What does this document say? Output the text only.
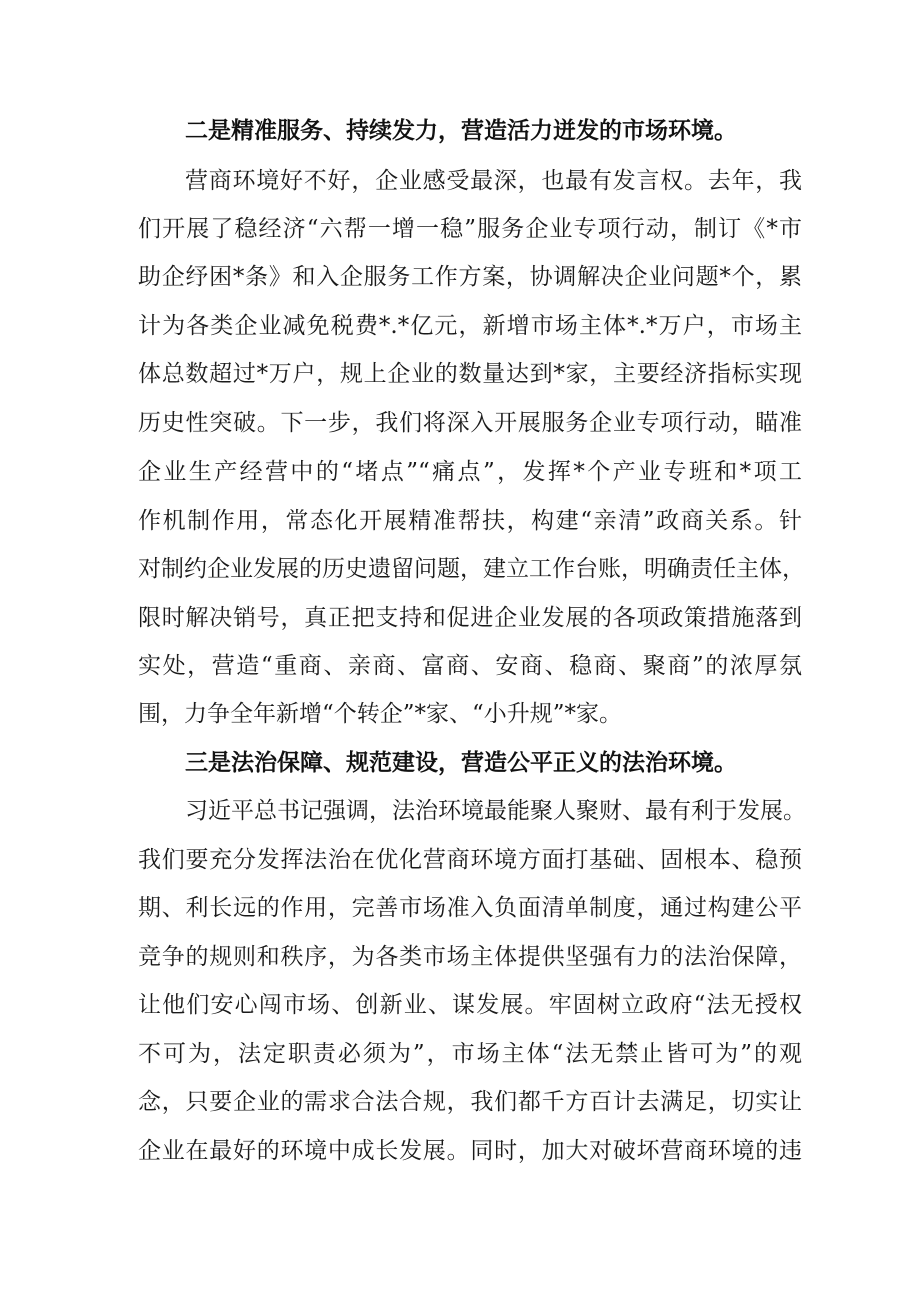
二是精准服务、持续发力，营造活力迸发的市场环境。
营商环境好不好，企业感受最深，也最有发言权。去年，我
们开展了稳经济“六帮一增一稳”服务企业专项行动，制订《*市
助企纾困*条》和入企服务工作方案，协调解决企业问题*个，累
计为各类企业减免税费*.*亿元，新增市场主体*.*万户，市场主
体总数超过*万户，规上企业的数量达到*家，主要经济指标实现
历史性突破。下一步，我们将深入开展服务企业专项行动，瞄准
企业生产经营中的“堵点”“痛点”，发挥*个产业专班和*项工
作机制作用，常态化开展精准帮扶，构建“亲清”政商关系。针
对制约企业发展的历史遗留问题，建立工作台账，明确责任主体，
限时解决销号，真正把支持和促进企业发展的各项政策措施落到
实处，营造“重商、亲商、富商、安商、稳商、聚商”的浓厚氛
围，力争全年新增“个转企”*家、“小升规”*家。
三是法治保障、规范建设，营造公平正义的法治环境。
习近平总书记强调，法治环境最能聚人聚财、最有利于发展。
我们要充分发挥法治在优化营商环境方面打基础、固根本、稳预
期、利长远的作用，完善市场准入负面清单制度，通过构建公平
竞争的规则和秩序，为各类市场主体提供坚强有力的法治保障，
让他们安心闯市场、创新业、谋发展。牢固树立政府“法无授权
不可为，法定职责必须为”，市场主体“法无禁止皆可为”的观
念，只要企业的需求合法合规，我们都千方百计去满足，切实让
企业在最好的环境中成长发展。同时，加大对破坏营商环境的违
